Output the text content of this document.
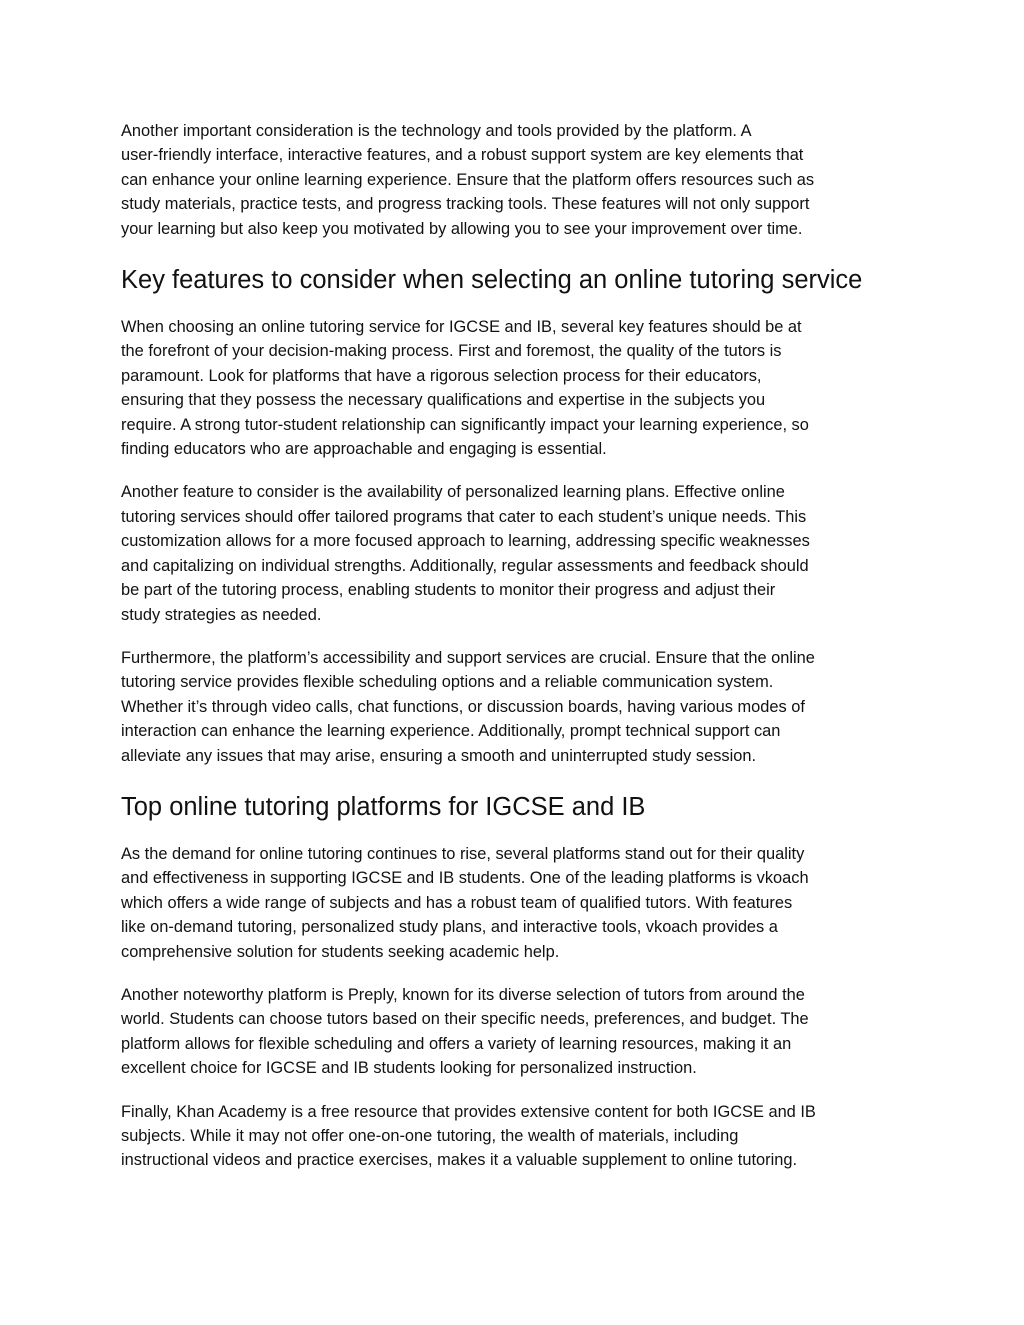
Another important consideration is the technology and tools provided by the platform. A
user-friendly interface, interactive features, and a robust support system are key elements that
can enhance your online learning experience. Ensure that the platform offers resources such as
study materials, practice tests, and progress tracking tools. These features will not only support
your learning but also keep you motivated by allowing you to see your improvement over time.

Key features to consider when selecting an online tutoring service

When choosing an online tutoring service for IGCSE and IB, several key features should be at
the forefront of your decision-making process. First and foremost, the quality of the tutors is
paramount. Look for platforms that have a rigorous selection process for their educators,
ensuring that they possess the necessary qualifications and expertise in the subjects you
require. A strong tutor-student relationship can significantly impact your learning experience, so
finding educators who are approachable and engaging is essential.

Another feature to consider is the availability of personalized learning plans. Effective online
tutoring services should offer tailored programs that cater to each student’s unique needs. This
customization allows for a more focused approach to learning, addressing specific weaknesses
and capitalizing on individual strengths. Additionally, regular assessments and feedback should
be part of the tutoring process, enabling students to monitor their progress and adjust their
study strategies as needed.

Furthermore, the platform’s accessibility and support services are crucial. Ensure that the online
tutoring service provides flexible scheduling options and a reliable communication system.
Whether it’s through video calls, chat functions, or discussion boards, having various modes of
interaction can enhance the learning experience. Additionally, prompt technical support can
alleviate any issues that may arise, ensuring a smooth and uninterrupted study session.

Top online tutoring platforms for IGCSE and IB

As the demand for online tutoring continues to rise, several platforms stand out for their quality
and effectiveness in supporting IGCSE and IB students. One of the leading platforms is vkoach
which offers a wide range of subjects and has a robust team of qualified tutors. With features
like on-demand tutoring, personalized study plans, and interactive tools, vkoach provides a
comprehensive solution for students seeking academic help.

Another noteworthy platform is Preply, known for its diverse selection of tutors from around the
world. Students can choose tutors based on their specific needs, preferences, and budget. The
platform allows for flexible scheduling and offers a variety of learning resources, making it an
excellent choice for IGCSE and IB students looking for personalized instruction.

Finally, Khan Academy is a free resource that provides extensive content for both IGCSE and IB
subjects. While it may not offer one-on-one tutoring, the wealth of materials, including
instructional videos and practice exercises, makes it a valuable supplement to online tutoring.
